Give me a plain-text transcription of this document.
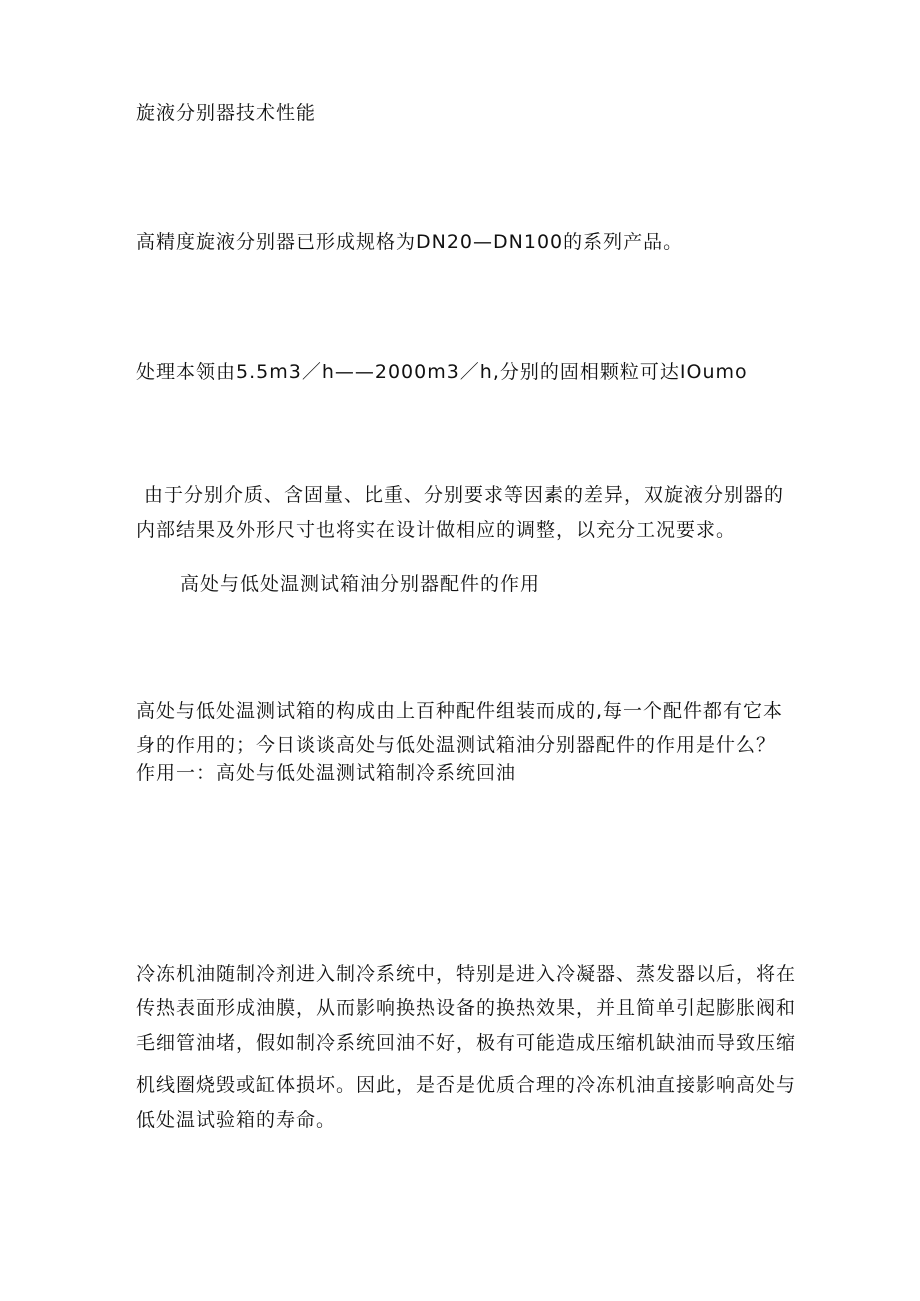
旋液分别器技术性能
高精度旋液分别器已形成规格为DN20—DN100的系列产品。
处理本领由5.5m3／h——2000m3／h,分别的固相颗粒可达IOumo
由于分别介质、含固量、比重、分别要求等因素的差异，双旋液分别器的
内部结果及外形尺寸也将实在设计做相应的调整，以充分工况要求。
高处与低处温测试箱油分别器配件的作用
高处与低处温测试箱的构成由上百种配件组装而成的,每一个配件都有它本
身的作用的；今日谈谈高处与低处温测试箱油分别器配件的作用是什么？
作用一：高处与低处温测试箱制冷系统回油
冷冻机油随制冷剂进入制冷系统中，特别是进入冷凝器、蒸发器以后，将在
传热表面形成油膜，从而影响换热设备的换热效果，并且简单引起膨胀阀和
毛细管油堵，假如制冷系统回油不好，极有可能造成压缩机缺油而导致压缩
机线圈烧毁或缸体损坏。因此，是否是优质合理的冷冻机油直接影响高处与
低处温试验箱的寿命。
